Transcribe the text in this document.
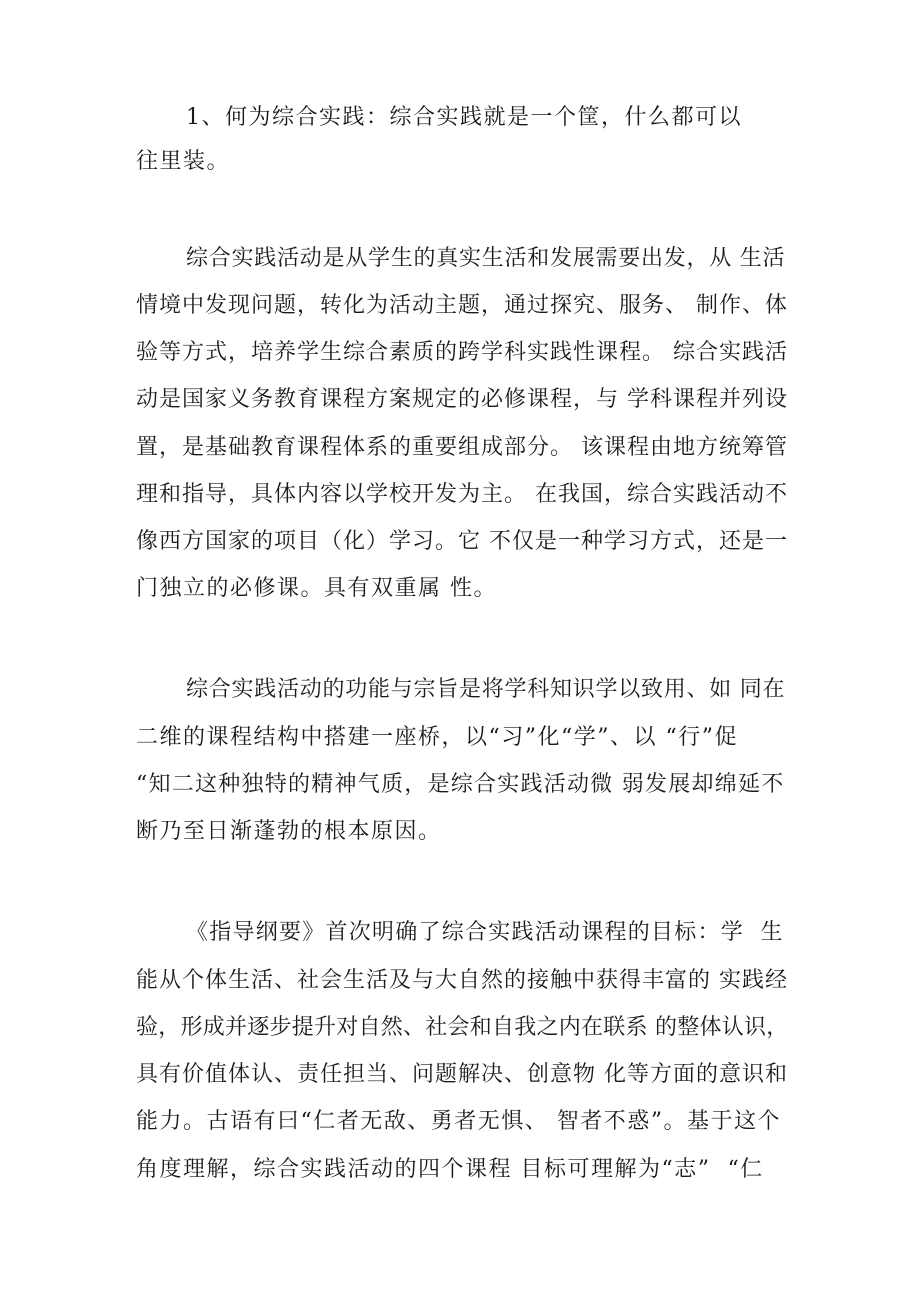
1、何为综合实践：综合实践就是一个筐，什么都可以
往里装。
综合实践活动是从学生的真实生活和发展需要出发，从 生活
情境中发现问题，转化为活动主题，通过探究、服务、 制作、体
验等方式，培养学生综合素质的跨学科实践性课程。 综合实践活
动是国家义务教育课程方案规定的必修课程，与 学科课程并列设
置，是基础教育课程体系的重要组成部分。 该课程由地方统筹管
理和指导，具体内容以学校开发为主。 在我国，综合实践活动不
像西方国家的项目（化）学习。它 不仅是一种学习方式，还是一
门独立的必修课。具有双重属 性。
综合实践活动的功能与宗旨是将学科知识学以致用、如 同在
二维的课程结构中搭建一座桥，以“习”化“学”、以 “行”促
“知二这种独特的精神气质，是综合实践活动微 弱发展却绵延不
断乃至日渐蓬勃的根本原因。
《指导纲要》首次明确了综合实践活动课程的目标：学  生
能从个体生活、社会生活及与大自然的接触中获得丰富的 实践经
验，形成并逐步提升对自然、社会和自我之内在联系 的整体认识，
具有价值体认、责任担当、问题解决、创意物 化等方面的意识和
能力。古语有曰“仁者无敌、勇者无惧、 智者不惑”。基于这个
角度理解，综合实践活动的四个课程 目标可理解为“志”  “仁
